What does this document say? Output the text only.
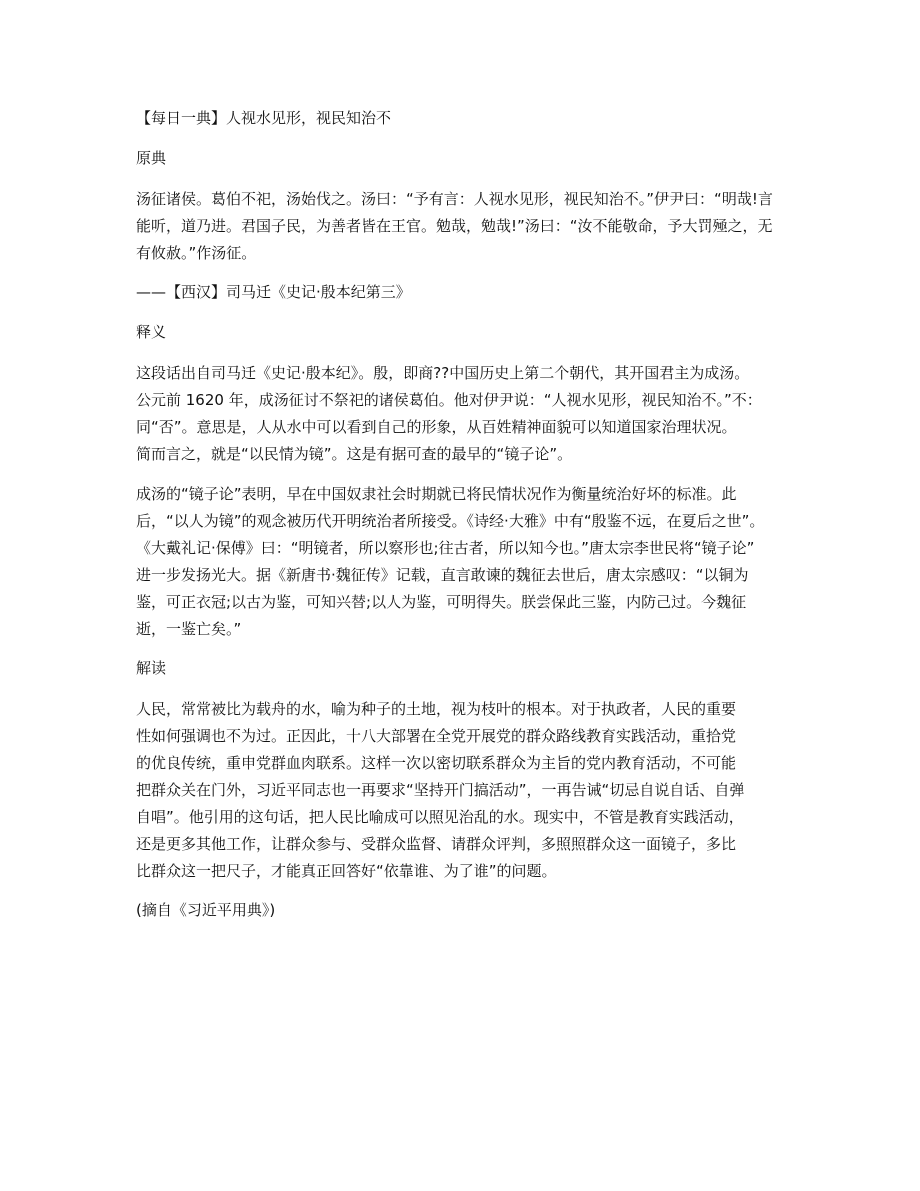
【每日一典】人视水见形，视民知治不
原典
汤征诸侯。葛伯不祀，汤始伐之。汤曰：“予有言：人视水见形，视民知治不。”伊尹曰：“明哉!言
能听，道乃进。君国子民，为善者皆在王官。勉哉，勉哉!”汤曰：“汝不能敬命，予大罚殛之，无
有攸赦。”作汤征。
——【西汉】司马迁《史记·殷本纪第三》
释义
这段话出自司马迁《史记·殷本纪》。殷，即商??中国历史上第二个朝代，其开国君主为成汤。
公元前 1620 年，成汤征讨不祭祀的诸侯葛伯。他对伊尹说：“人视水见形，视民知治不。”不：
同“否”。意思是，人从水中可以看到自己的形象，从百姓精神面貌可以知道国家治理状况。
简而言之，就是“以民情为镜”。这是有据可查的最早的“镜子论”。
成汤的“镜子论”表明，早在中国奴隶社会时期就已将民情状况作为衡量统治好坏的标准。此
后，“以人为镜”的观念被历代开明统治者所接受。《诗经·大雅》中有“殷鉴不远，在夏后之世”。
《大戴礼记·保傅》曰：“明镜者，所以察形也;往古者，所以知今也。”唐太宗李世民将“镜子论”
进一步发扬光大。据《新唐书·魏征传》记载，直言敢谏的魏征去世后，唐太宗感叹：“以铜为
鉴，可正衣冠;以古为鉴，可知兴替;以人为鉴，可明得失。朕尝保此三鉴，内防己过。今魏征
逝，一鉴亡矣。”
解读
人民，常常被比为载舟的水，喻为种子的土地，视为枝叶的根本。对于执政者，人民的重要
性如何强调也不为过。正因此，十八大部署在全党开展党的群众路线教育实践活动，重拾党
的优良传统，重申党群血肉联系。这样一次以密切联系群众为主旨的党内教育活动，不可能
把群众关在门外，习近平同志也一再要求“坚持开门搞活动”，一再告诫“切忌自说自话、自弹
自唱”。他引用的这句话，把人民比喻成可以照见治乱的水。现实中，不管是教育实践活动，
还是更多其他工作，让群众参与、受群众监督、请群众评判，多照照群众这一面镜子，多比
比群众这一把尺子，才能真正回答好“依靠谁、为了谁”的问题。
(摘自《习近平用典》)
